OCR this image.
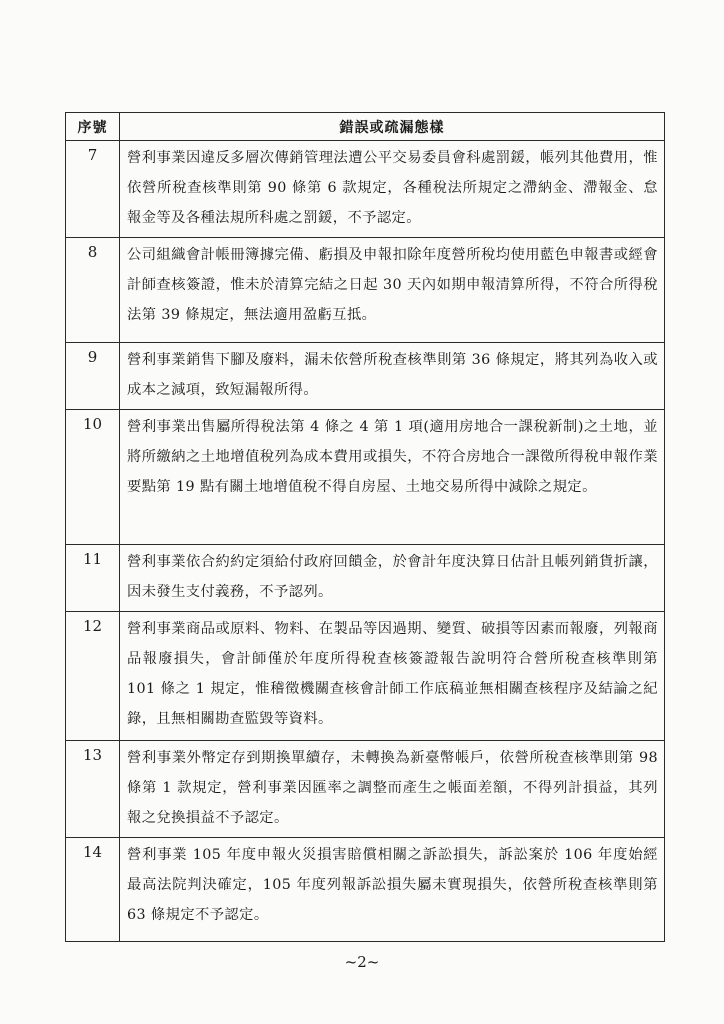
序號	錯誤或疏漏態樣
7	營利事業因違反多層次傳銷管理法遭公平交易委員會科處罰鍰，帳列其他費用，惟依營所稅查核準則第 90 條第 6 款規定，各種稅法所規定之滯納金、滯報金、怠報金等及各種法規所科處之罰鍰，不予認定。
8	公司組織會計帳冊簿據完備、虧損及申報扣除年度營所稅均使用藍色申報書或經會計師查核簽證，惟未於清算完結之日起 30 天內如期申報清算所得，不符合所得稅法第 39 條規定，無法適用盈虧互抵。
9	營利事業銷售下腳及廢料，漏未依營所稅查核準則第 36 條規定，將其列為收入或成本之減項，致短漏報所得。
10	營利事業出售屬所得稅法第 4 條之 4 第 1 項(適用房地合一課稅新制)之土地，並將所繳納之土地增值稅列為成本費用或損失，不符合房地合一課徵所得稅申報作業要點第 19 點有關土地增值稅不得自房屋、土地交易所得中減除之規定。
11	營利事業依合約約定須給付政府回饋金，於會計年度決算日估計且帳列銷貨折讓，因未發生支付義務，不予認列。
12	營利事業商品或原料、物料、在製品等因過期、變質、破損等因素而報廢，列報商品報廢損失，會計師僅於年度所得稅查核簽證報告說明符合營所稅查核準則第 101 條之 1 規定，惟稽徵機關查核會計師工作底稿並無相關查核程序及結論之紀錄，且無相關勘查監毀等資料。
13	營利事業外幣定存到期換單續存，未轉換為新臺幣帳戶，依營所稅查核準則第 98 條第 1 款規定，營利事業因匯率之調整而產生之帳面差額，不得列計損益，其列報之兌換損益不予認定。
14	營利事業 105 年度申報火災損害賠償相關之訴訟損失，訴訟案於 106 年度始經最高法院判決確定，105 年度列報訴訟損失屬未實現損失，依營所稅查核準則第 63 條規定不予認定。
~2~
